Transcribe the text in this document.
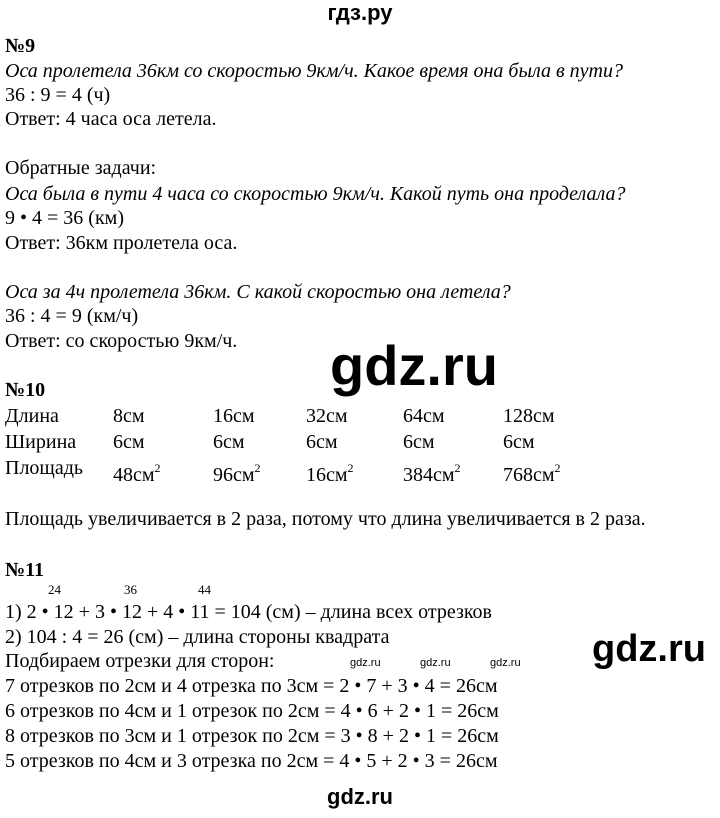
гдз.ру
№9
Оса пролетела 36км со скоростью 9км/ч. Какое время она была в пути?
36 : 9 = 4 (ч)
Ответ: 4 часа оса летела.
Обратные задачи:
Оса была в пути 4 часа со скоростью 9км/ч. Какой путь она проделала?
9 • 4 = 36 (км)
Ответ: 36км пролетела оса.
Оса за 4ч пролетела 36км. С какой скоростью она летела?
36 : 4 = 9 (км/ч)
Ответ: со скоростью 9км/ч. gdz.ru
№10
Длина	8см	16см	32см	64см	128см
Ширина 6см	6см	6см	6см	6см
Площадь $48см^2$	$96см^2$ $16см^2$ $384см^2$ $768см^2$
Площадь увеличивается в 2 раза, потому что длина увеличивается в 2 раза.
№11
24	36	44
1) 2 • 12 + 3 • 12 + 4 • 11 = 104 (см) – длина всех отрезков
2) 104 : 4 = 26 (см) – длина стороны квадрата
Подбираем отрезки для сторон:	gdz.ru	gdz.ru	gdz.ru gdz.ru
7 отрезков по 2см и 4 отрезка по 3см = 2 • 7 + 3 • 4 = 26см
6 отрезков по 4см и 1 отрезок по 2см = 4 • 6 + 2 • 1 = 26см
8 отрезков по 3см и 1 отрезок по 2см = 3 • 8 + 2 • 1 = 26см
5 отрезков по 4см и 3 отрезка по 2см = 4 • 5 + 2 • 3 = 26см
gdz.ru
